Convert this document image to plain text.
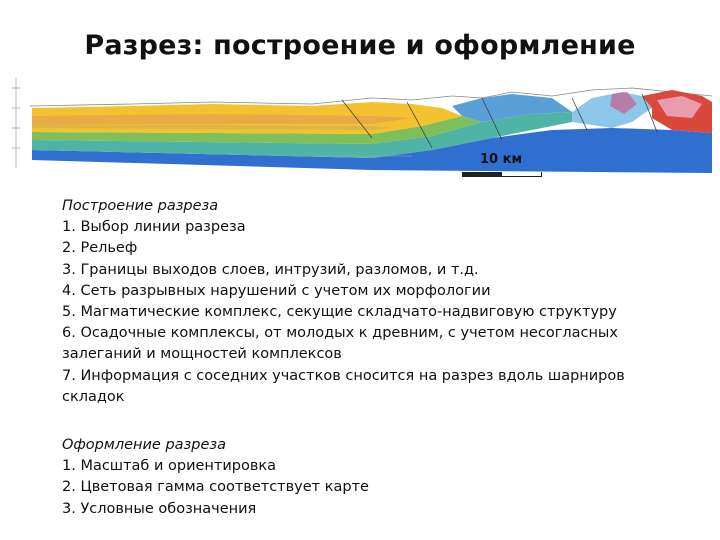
Разрез: построение и оформление
10 км
Построение разреза
1. Выбор линии разреза
2. Рельеф
3. Границы выходов слоев, интрузий, разломов, и т.д.
4. Сеть разрывных нарушений с учетом их морфологии
5. Магматические комплекс, секущие складчато-надвиговую структуру
6. Осадочные комплексы, от молодых к древним, с учетом несогласных залеганий и мощностей комплексов
7. Информация с соседних участков сносится на разрез вдоль шарниров складок
Оформление разреза
1. Масштаб и ориентировка
2. Цветовая гамма соответствует карте
3. Условные обозначения
